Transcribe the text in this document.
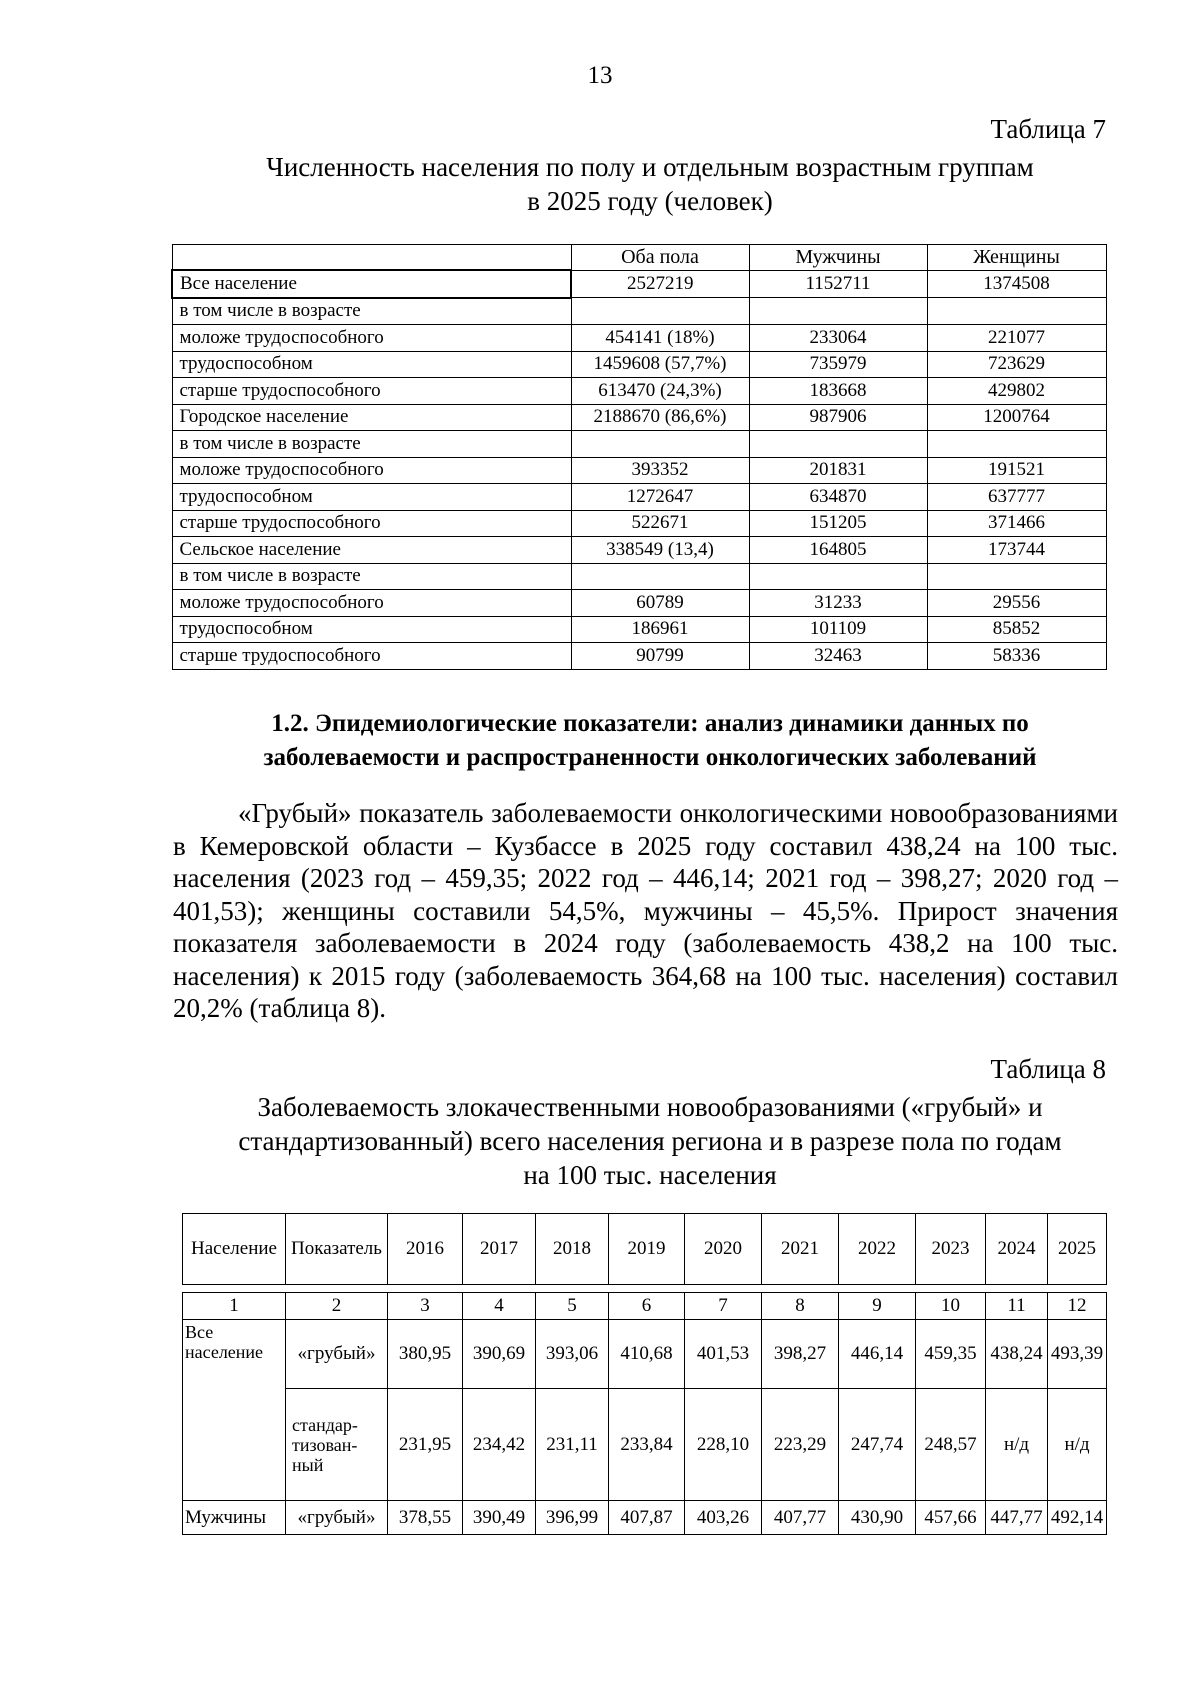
13
Таблица 7
Численность населения по полу и отдельным возрастным группам
в 2025 году (человек)
	Оба пола	Мужчины	Женщины
Все население	2527219	1152711	1374508
в том числе в возрасте			
моложе трудоспособного	454141 (18%)	233064	221077
трудоспособном	1459608 (57,7%)	735979	723629
старше трудоспособного	613470 (24,3%)	183668	429802
Городское население	2188670 (86,6%)	987906	1200764
в том числе в возрасте			
моложе трудоспособного	393352	201831	191521
трудоспособном	1272647	634870	637777
старше трудоспособного	522671	151205	371466
Сельское население	338549 (13,4)	164805	173744
в том числе в возрасте			
моложе трудоспособного	60789	31233	29556
трудоспособном	186961	101109	85852
старше трудоспособного	90799	32463	58336
1.2. Эпидемиологические показатели: анализ динамики данных по
заболеваемости и распространенности онкологических заболеваний

«Грубый» показатель заболеваемости онкологическими новообразованиями в Кемеровской области – Кузбассе в 2025 году составил 438,24 на 100 тыс. населения (2023 год – 459,35; 2022 год – 446,14; 2021 год – 398,27; 2020 год – 401,53); женщины составили 54,5%, мужчины – 45,5%. Прирост значения показателя заболеваемости в 2024 году (заболеваемость 438,2 на 100 тыс. населения) к 2015 году (заболеваемость 364,68 на 100 тыс. населения) составил 20,2% (таблица 8).

Таблица 8
Заболеваемость злокачественными новообразованиями («грубый» и
стандартизованный) всего населения региона и в разрезе пола по годам
на 100 тыс. населения
Население	Показатель	2016	2017	2018	2019	2020	2021	2022	2023	2024	2025

1	2	3	4	5	6	7	8	9	10	11	12
Все население	«грубый»	380,95	390,69	393,06	410,68	401,53	398,27	446,14	459,35	438,24	493,39
	стандар-тизован-ный	231,95	234,42	231,11	233,84	228,10	223,29	247,74	248,57	н/д	н/д
Мужчины	«грубый»	378,55	390,49	396,99	407,87	403,26	407,77	430,90	457,66	447,77	492,14
